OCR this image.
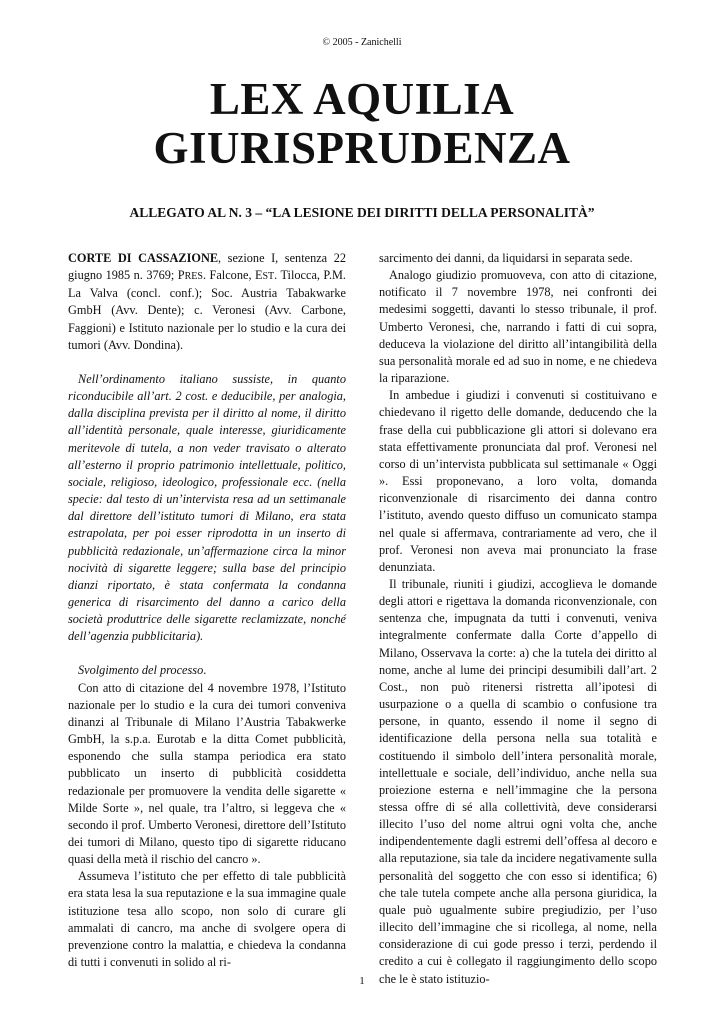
© 2005 - Zanichelli
LEX AQUILIA
GIURISPRUDENZA
ALLEGATO AL N. 3 – “LA LESIONE DEI DIRITTI DELLA PERSONALITÀ”

CORTE DI CASSAZIONE, sezione I, sentenza 22 giugno 1985 n. 3769; PRES. Falcone, EST. Tilocca, P.M. La Valva (concl. conf.); Soc. Austria Tabakwarke GmbH (Avv. Dente); c. Veronesi (Avv. Carbone, Faggioni) e Istituto nazionale per lo studio e la cura dei tumori (Avv. Dondina).

Nell’ordinamento italiano sussiste, in quanto riconducibile all’art. 2 cost. e deducibile, per analogia, dalla disciplina prevista per il diritto al nome, il diritto all’identità personale, quale interesse, giuridicamente meritevole di tutela, a non veder travisato o alterato all’esterno il proprio patrimonio intellettuale, politico, sociale, religioso, ideologico, professionale ecc. (nella specie: dal testo di un’intervista resa ad un settimanale dal direttore dell’istituto tumori di Milano, era stata estrapolata, per poi esser riprodotta in un inserto di pubblicità redazionale, un’affermazione circa la minor nocività di sigarette leggere; sulla base del principio dianzi riportato, è stata confermata la condanna generica di risarcimento del danno a carico della società produttrice delle sigarette reclamizzate, nonché dell’agenzia pubblicitaria).

Svolgimento del processo.

Con atto di citazione del 4 novembre 1978, l’Istituto nazionale per lo studio e la cura dei tumori conveniva dinanzi al Tribunale di Milano l’Austria Tabakwerke GmbH, la s.p.a. Eurotab e la ditta Comet pubblicità, esponendo che sulla stampa periodica era stato pubblicato un inserto di pubblicità cosiddetta redazionale per promuovere la vendita delle sigarette « Milde Sorte », nel quale, tra l’altro, si leggeva che « secondo il prof. Umberto Veronesi, direttore dell’Istituto dei tumori di Milano, questo tipo di sigarette riducano quasi della metà il rischio del cancro ».

Assumeva l’istituto che per effetto di tale pubblicità era stata lesa la sua reputazione e la sua immagine quale istituzione tesa allo scopo, non solo di curare gli ammalati di cancro, ma anche di svolgere opera di prevenzione contro la malattia, e chiedeva la condanna di tutti i convenuti in solido al ri-

sarcimento dei danni, da liquidarsi in separata sede.

Analogo giudizio promuoveva, con atto di citazione, notificato il 7 novembre 1978, nei confronti dei medesimi soggetti, davanti lo stesso tribunale, il prof. Umberto Veronesi, che, narrando i fatti di cui sopra, deduceva la violazione del diritto all’intangibilità della sua personalità morale ed ad suo in nome, e ne chiedeva la riparazione.

In ambedue i giudizi i convenuti si costituivano e chiedevano il rigetto delle domande, deducendo che la frase della cui pubblicazione gli attori si dolevano era stata effettivamente pronunciata dal prof. Veronesi nel corso di un’intervista pubblicata sul settimanale « Oggi ». Essi proponevano, a loro volta, domanda riconvenzionale di risarcimento dei danna contro l’istituto, avendo questo diffuso un comunicato stampa nel quale si affermava, contrariamente ad vero, che il prof. Veronesi non aveva mai pronunciato la frase denunziata.

Il tribunale, riuniti i giudizi, accoglieva le domande degli attori e rigettava la domanda riconvenzionale, con sentenza che, impugnata da tutti i convenuti, veniva integralmente confermate dalla Corte d’appello di Milano, Osservava la corte: a) che la tutela dei diritto al nome, anche al lume dei principi desumibili dall’art. 2 Cost., non può ritenersi ristretta all’ipotesi di usurpazione o a quella di scambio o confusione tra persone, in quanto, essendo il nome il segno di identificazione della persona nella sua totalità e costituendo il simbolo dell’intera personalità morale, intellettuale e sociale, dell’individuo, anche nella sua proiezione esterna e nell’immagine che la persona stessa offre di sé alla collettività, deve considerarsi illecito l’uso del nome altrui ogni volta che, anche indipendentemente dagli estremi dell’offesa al decoro e alla reputazione, sia tale da incidere negativamente sulla personalità del soggetto che con esso si identifica; 6) che tale tutela compete anche alla persona giuridica, la quale può ugualmente subire pregiudizio, per l’uso illecito dell’immagine che si ricollega, al nome, nella considerazione di cui gode presso i terzi, perdendo il credito a cui è collegato il raggiungimento dello scopo che le è stato istituzio-

1
